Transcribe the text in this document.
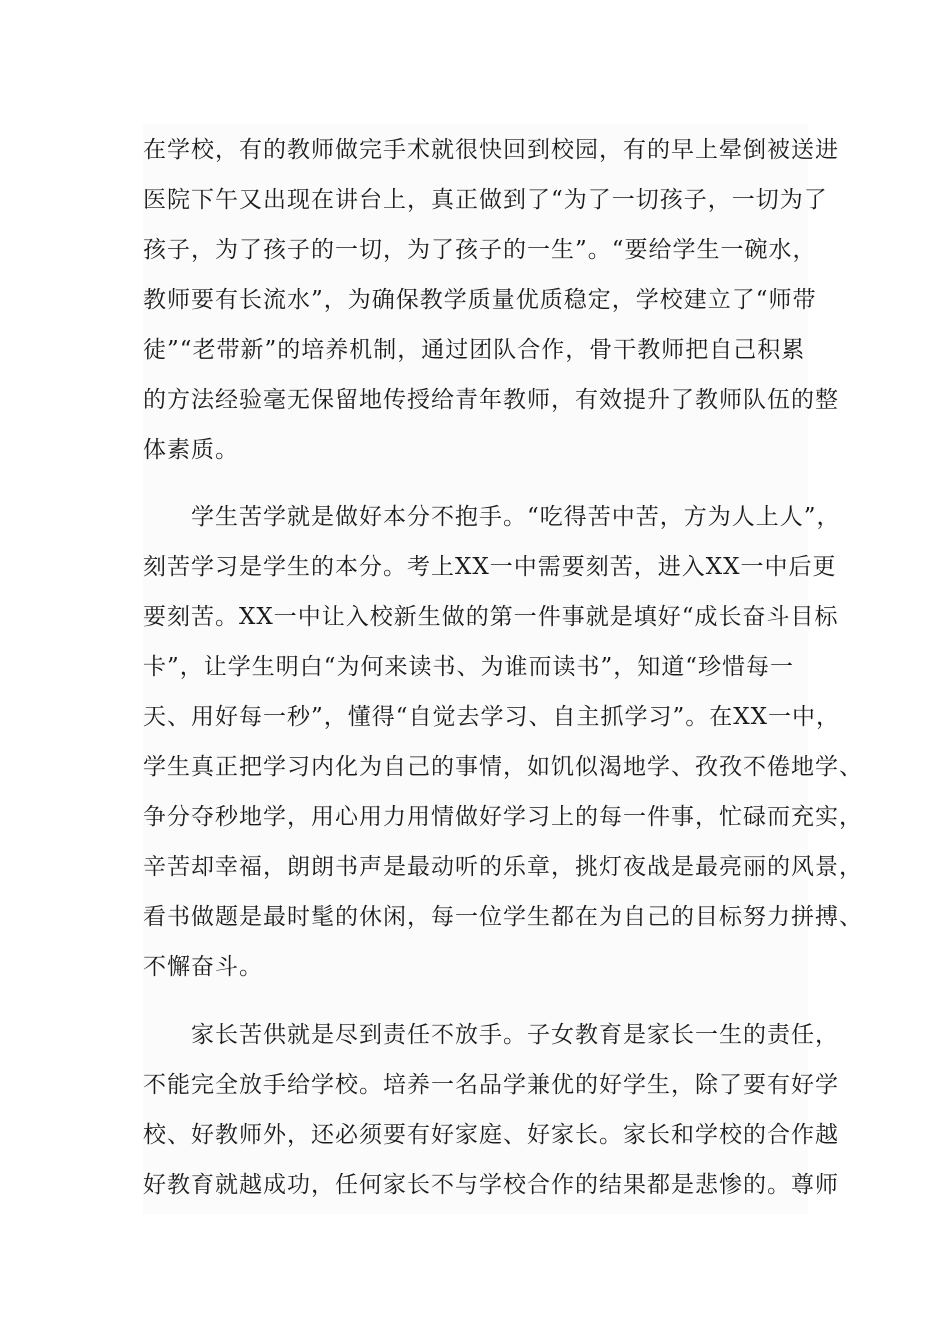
在学校，有的教师做完手术就很快回到校园，有的早上晕倒被送进
医院下午又出现在讲台上，真正做到了“为了一切孩子，一切为了
孩子，为了孩子的一切，为了孩子的一生”。“要给学生一碗水，
教师要有长流水”，为确保教学质量优质稳定，学校建立了“师带
徒”“老带新”的培养机制，通过团队合作，骨干教师把自己积累
的方法经验毫无保留地传授给青年教师，有效提升了教师队伍的整
体素质。
　　学生苦学就是做好本分不抱手。“吃得苦中苦，方为人上人”，
刻苦学习是学生的本分。考上XX一中需要刻苦，进入XX一中后更
要刻苦。XX一中让入校新生做的第一件事就是填好“成长奋斗目标
卡”，让学生明白“为何来读书、为谁而读书”，知道“珍惜每一
天、用好每一秒”，懂得“自觉去学习、自主抓学习”。在XX一中，
学生真正把学习内化为自己的事情，如饥似渴地学、孜孜不倦地学、
争分夺秒地学，用心用力用情做好学习上的每一件事，忙碌而充实，
辛苦却幸福，朗朗书声是最动听的乐章，挑灯夜战是最亮丽的风景，
看书做题是最时髦的休闲，每一位学生都在为自己的目标努力拼搏、
不懈奋斗。
　　家长苦供就是尽到责任不放手。子女教育是家长一生的责任，
不能完全放手给学校。培养一名品学兼优的好学生，除了要有好学
校、好教师外，还必须要有好家庭、好家长。家长和学校的合作越
好教育就越成功，任何家长不与学校合作的结果都是悲惨的。尊师
